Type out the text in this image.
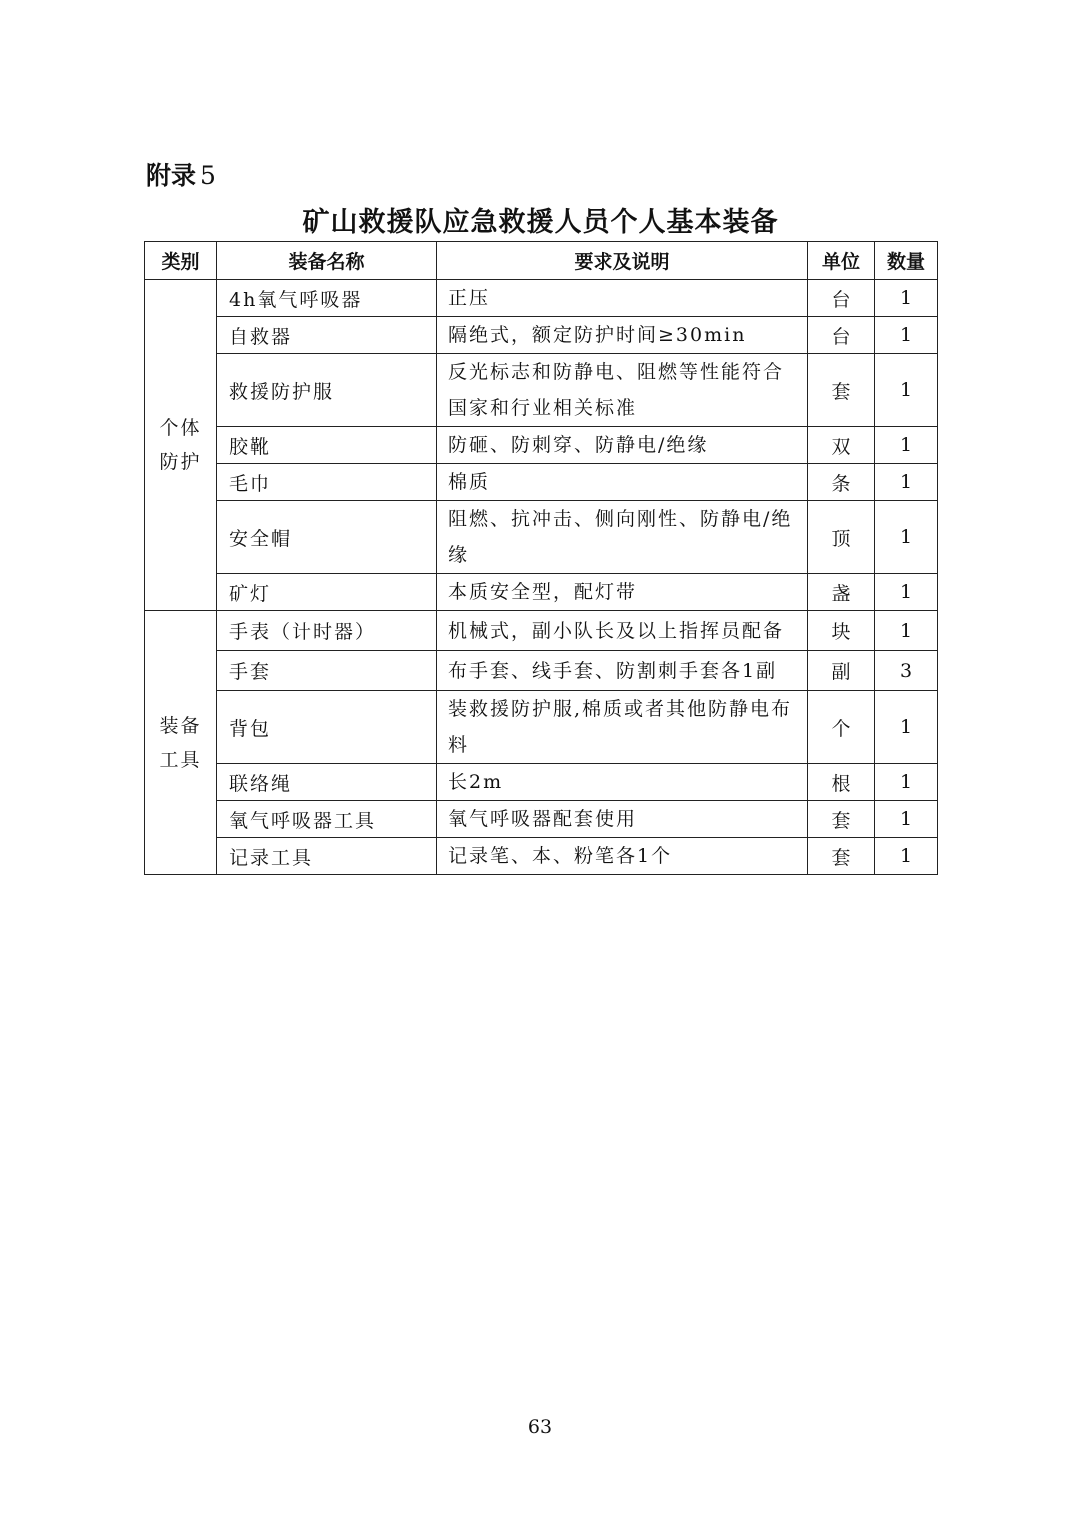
附录 5
矿山救援队应急救援人员个人基本装备
类别	装备名称	要求及说明	单位	数量

个体防护	4h氧气呼吸器	正压	台	1
	自救器	隔绝式，额定防护时间≥30min	台	1
	救援防护服	反光标志和防静电、阻燃等性能符合国家和行业相关标准	套	1
	胶靴	防砸、防刺穿、防静电/绝缘	双	1
	毛巾	棉质	条	1
	安全帽	阻燃、抗冲击、侧向刚性、防静电/绝缘	顶	1
	矿灯	本质安全型，配灯带	盏	1

装备工具	手表（计时器）	机械式，副小队长及以上指挥员配备	块	1
	手套	布手套、线手套、防割刺手套各1副	副	3
	背包	装救援防护服,棉质或者其他防静电布料	个	1
	联络绳	长2m	根	1
	氧气呼吸器工具	氧气呼吸器配套使用	套	1
	记录工具	记录笔、本、粉笔各1个	套	1
63
